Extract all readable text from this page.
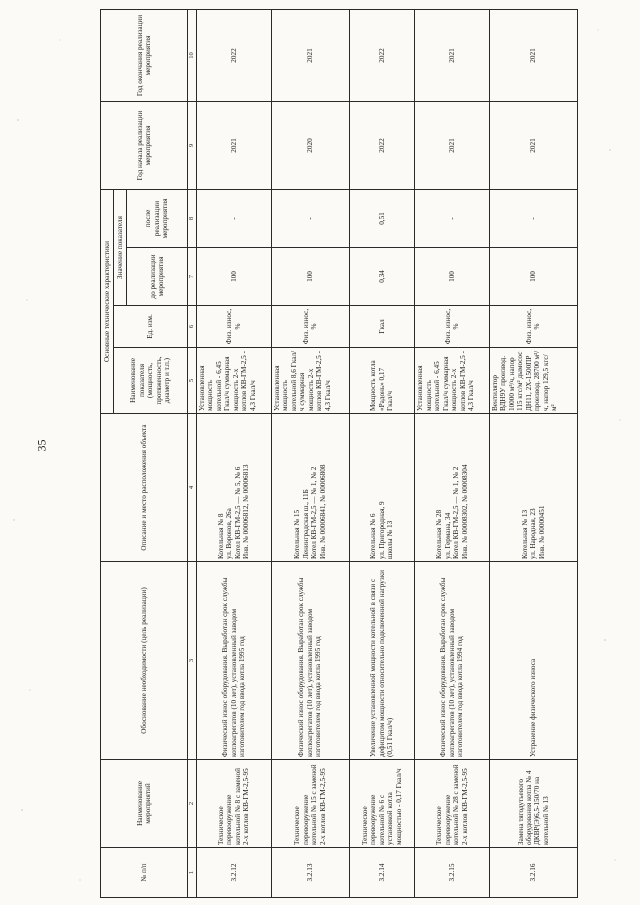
35
№ п/п	Наименование мероприятий	Обоснование необходимости (цель реализации)	Описание и место расположения объекта	Основные технические характеристики				Год начала реализации мероприятия	Год окончания реализации мероприятия
				Наименование показателя (мощность, протяженность, диаметр и т.п.)	Ед. изм.	Значение показателя			
						до реализации мероприятия	после реализации мероприятия		
1	2	3	4	5	6	7	8	9	10
3.2.12	Техническое перевооружение котельной № 8 с заменой 2-х котлов КВ-ГМ-2,5-95	Физический износ оборудования. Выработан срок службы котлоагрегатов (10 лет), установленный заводом изготовителем год ввода котла 1995 год	Котельная № 8
ул. Воронов, 26а
Котел КВ-ГМ-2,5 — № 5, № 6
Инв. № 00006812, № 00006813	Установленная мощность котельной - 6,45 Гкал/ч суммарная мощность 2-х котлов КВ-ГМ-2,5 - 4,3 Гкал/ч	Физ. износ, %	100	-	2021	2022
3.2.13	Техническое перевооружение котельной № 15 с заменой 2-х котлов КВ-ГМ-2,5-95	Физический износ оборудования. Выработан срок службы котлоагрегатов (10 лет), установленный заводом изготовителем год ввода котла 1995 год	Котельная № 15
Ленинградская ш., 11Б
Котел КВ-ГМ-2,5 — № 1, № 2
Инв. № 00006841, № 00006808	Установленная мощность котельной 8,6 Гкал/ч суммарная мощность 2-х котлов КВ-ГМ-2,5 - 4,3 Гкал/ч	Физ. износ, %	100	-	2020	2021
3.2.14	Техническое перевооружение котельной № 6 с установкой котла мощностью - 0,17 Гкал/ч	Увеличение установленной мощности котельной в связи с дефицитом мощности относительно подключенной нагрузки (0,51 Гкал/ч)	Котельная № 6
ул. Пригородная, 9
школы № 13	Мощность котла «Радонь» 0,17 Гкал/ч	Гкал	0,34	0,51	2022	2022
3.2.15	Техническое перевооружение котельной № 28 с заменой 2-х котлов КВ-ГМ-2,5-95	Физический износ оборудования. Выработан срок службы котлоагрегатов (10 лет), установленный заводом изготовителем год ввода котла 1994 год	Котельная № 28
ул. Германа, 34
Котел КВ-ГМ-2,5 — № 1, № 2
Инв. № 00008302, № 00008304	Установленная мощность котельной - 6,45 Гкал/ч суммарная мощность 2-х котлов КВ-ГМ-2,5 - 4,3 Гкал/ч	Физ. износ, %	100	-	2021	2021
3.2.16	Замена тягодутьевого оборудования котла № 4 ДКВР(Э)6,5-150/70 на котельной № 13	Устранение физического износа	Котельная № 13
ул. Народная, 23
Инв. № 00000451	Вентилятор ВДН9У производ. 10000 м³/ч, напор 115 кгс/м² дымосос ДН11, 2Х-1500ПР производ. 28700 м³/ч, напор 129,5 кгс/м²	Физ. износ, %	100	-	2021	2021
